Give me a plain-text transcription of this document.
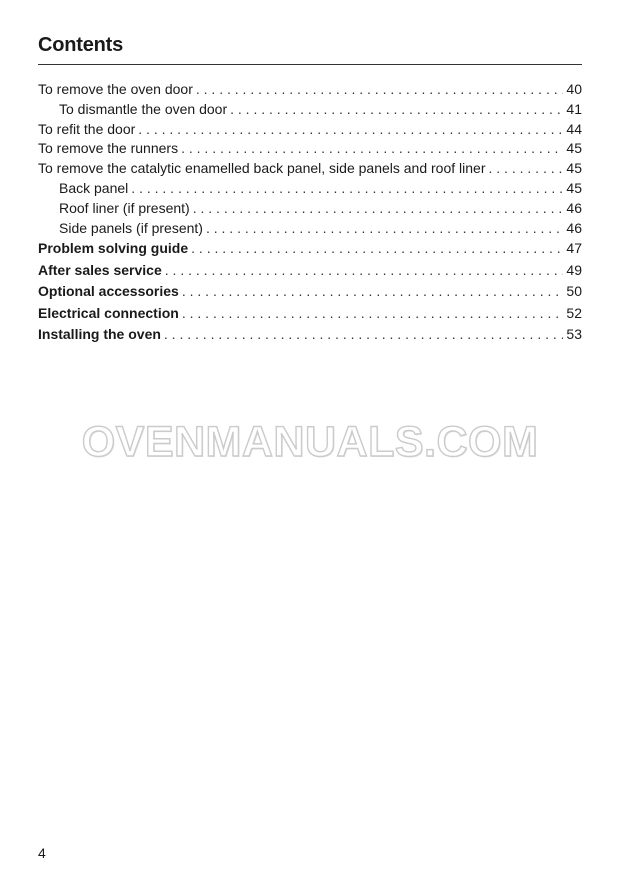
Contents
To remove the oven door . . .	40
To dismantle the oven door . . .	41
To refit the door . . .	44
To remove the runners . . .	45
To remove the catalytic enamelled back panel, side panels and roof liner . . .	45
Back panel . . .	45
Roof liner (if present) . . .	46
Side panels (if present) . . .	46
Problem solving guide . . .	47
After sales service . . .	49
Optional accessories . . .	50
Electrical connection . . .	52
Installing the oven . . .	53
OVENMANUALS.COM
4
